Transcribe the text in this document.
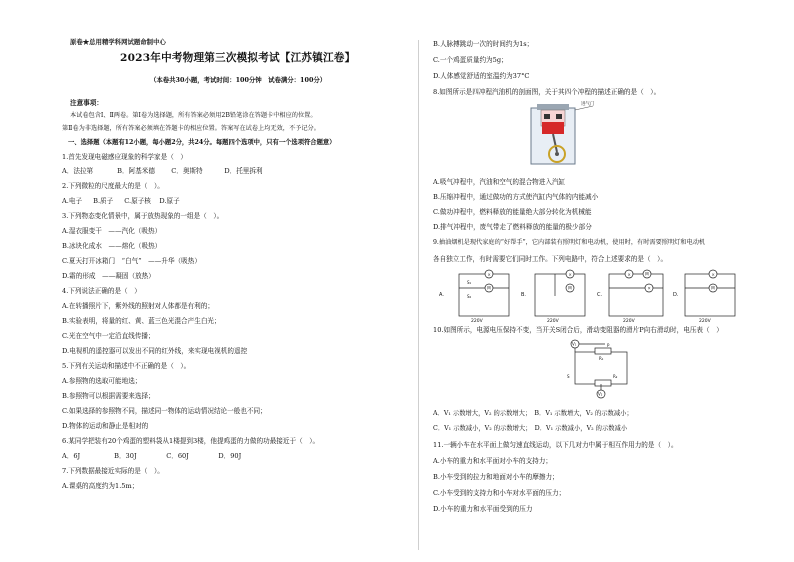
原卷★总用精学科网试题命制中心
2023年中考物理第三次模拟考试【江苏镇江卷】
（本卷共30小题，考试时间：100分钟　试卷满分：100分）
注意事项：
本试卷包含Ⅰ、Ⅱ两卷。第Ⅰ卷为选择题，所有答案必须用2B铅笔涂在答题卡中相应的位置。
第Ⅱ卷为非选择题，所有答案必须填在答题卡的相应位置。答案写在试卷上均无效，不予记分。
一、选择题（本题有12小题，每小题2分，共24分。每题四个选项中，只有一个选项符合题意）
1.首先发现电磁感应现象的科学家是（　）
A．法拉第	B．阿基米德 C．奥斯特	D．托里拆利
2.下列微粒的尺度最大的是（　）。
A.电子 B.质子 C.原子核 D.原子
3.下列物态变化情景中，属于放热现象的一组是（　）。
A.湿衣服变干　——汽化（吸热）
B.冰块化成水　——熔化（吸热）
C.夏天打开冰箱门　“白气”　——升华（吸热）
D.霜的形成　——凝固（放热）
4.下列说法正确的是（　）
A.在转播照片下，紫外线的照射对人体都是有利的；
B.实验表明，将量的红、黄、蓝三色光混合产生白光；
C.光在空气中一定沿直线传播；
D.电视机的遥控器可以发出不同的红外线，来实现电视机的遥控
5.下列有关运动和描述中不正确的是（　）。
A.参照物的选取可能地选；
B.参照物可以根据需要来选择；
C.如果选择的参照物不同，描述同一物体的运动情况结论一般也不同；
D.物体的运动和静止是相对的
6.某同学把装有20个鸡蛋的塑料袋从1楼提到3楼，他提鸡蛋的力做的功最接近于（　）。
A．6J	B．30J	C．60J	D．90J
7.下列数据最接近实际的是（　）。
A.课桌的高度约为1.5m；
B.人脉搏跳动一次的时间约为1s；
C.一个鸡蛋质量约为5g；
D.人体感觉舒适的室温约为37°C
8.如图所示是四冲程汽油机的剖面图，关于其四个冲程的描述正确的是（　）。
进气门
A.吸气冲程中，汽油和空气的混合物进入汽缸
B.压缩冲程中，通过做功的方式使汽缸内气体的内能减小
C.做功冲程中，燃料释放的能量绝大部分转化为机械能
D.排气冲程中，废气带走了燃料释放的能量的极少部分
9.抽油烟机是现代家庭的“好帮手”，它内部装有照明灯和电动机，使用时，有时需要照明灯和电动机
各自独立工作，有时需要它们同时工作。下列电路中，符合上述要求的是（　）。
×
M
×
M
×	M
×
×
M
A.	B.	C.	D.
220V	220V	220V	220V
S₁
S₂
10.如图所示，电源电压保持不变，当开关S闭合后，滑动变阻器的滑片P向右滑动时，电压表（　）
V₁
V₂
R₁
R₂
P
S
A．V₁ 示数增大，V₂ 的示数增大；　B．V₁ 示数增大，V₂ 的示数减小；
C．V₁ 示数减小，V₂ 的示数增大；　D．V₁ 示数减小，V₂ 的示数减小
11.一辆小车在水平面上做匀速直线运动，以下几对力中属于相互作用力的是（　）。
A.小车的重力和水平面对小车的支持力；
B.小车受到的拉力和地面对小车的摩擦力；
C.小车受到的支持力和小车对水平面的压力；
D.小车的重力和水平面受到的压力
